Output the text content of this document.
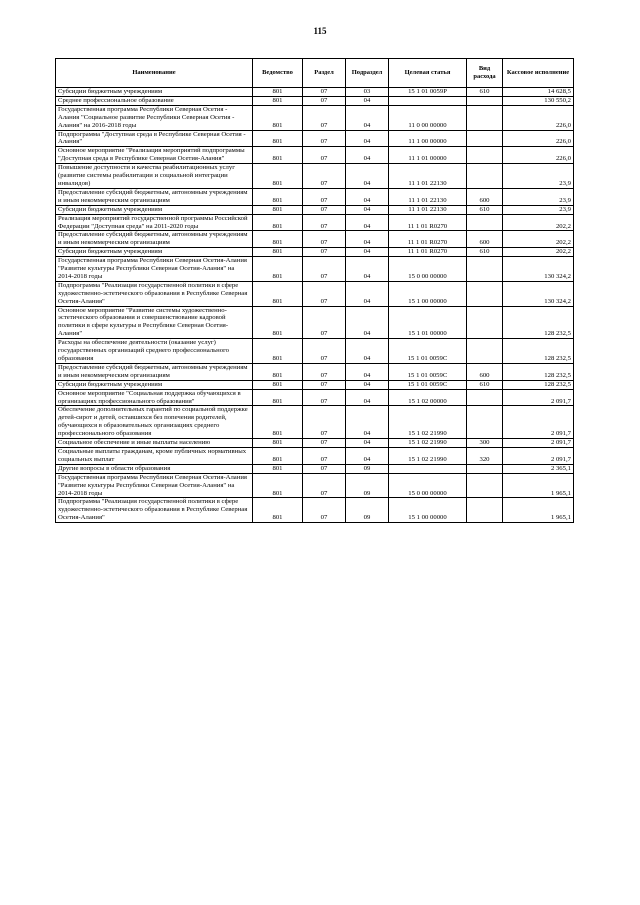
115
Наименование	Ведомство	Раздел	Подраздел	Целевая статья	Вид расхода	Кассовое исполнение
Субсидии бюджетным учреждениям	801	07	03	15 1 01 0059Р	610	14 628,5
Среднее профессиональное образование	801	07	04			130 550,2
Государственная программа Республики Северная Осетия - Алания "Социальное развитие Республики Северная Осетия - Алания" на 2016-2018 годы	801	07	04	11 0 00 00000		226,0
Подпрограмма "Доступная среда в Республике Северная Осетия - Алания"	801	07	04	11 1 00 00000		226,0
Основное мероприятие "Реализация мероприятий подпрограммы "Доступная среда в Республике Северная Осетия-Алания"	801	07	04	11 1 01 00000		226,0
Повышение доступности и качества реабилитационных услуг (развитие системы реабилитации и социальной интеграции инвалидов)	801	07	04	11 1 01 22130		23,9
Предоставление субсидий бюджетным, автономным учреждениям и иным некоммерческим организациям	801	07	04	11 1 01 22130	600	23,9
Субсидии бюджетным учреждениям	801	07	04	11 1 01 22130	610	23,9
Реализация мероприятий государственной программы Российской Федерации "Доступная среда" на 2011-2020 годы	801	07	04	11 1 01 R0270		202,2
Предоставление субсидий бюджетным, автономным учреждениям и иным некоммерческим организациям	801	07	04	11 1 01 R0270	600	202,2
Субсидии бюджетным учреждениям	801	07	04	11 1 01 R0270	610	202,2
Государственная программа Республики Северная Осетия-Алания "Развитие культуры Республики Северная Осетия-Алания" на 2014-2018 годы	801	07	04	15 0 00 00000		130 324,2
Подпрограмма "Реализация государственной политики в сфере художественно-эстетического образования в Республике Северная Осетия-Алания"	801	07	04	15 1 00 00000		130 324,2
Основное мероприятие "Развитие системы художественно-эстетического образования и совершенствование кадровой политики в сфере культуры в Республике Северная Осетия-Алания"	801	07	04	15 1 01 00000		128 232,5
Расходы на обеспечение деятельности (оказание услуг) государственных организаций среднего профессионального образования	801	07	04	15 1 01 0059С		128 232,5
Предоставление субсидий бюджетным, автономным учреждениям и иным некоммерческим организациям	801	07	04	15 1 01 0059С	600	128 232,5
Субсидии бюджетным учреждениям	801	07	04	15 1 01 0059С	610	128 232,5
Основное мероприятие "Социальная поддержка обучающихся в организациях профессионального образования"	801	07	04	15 1 02 00000		2 091,7
Обеспечение дополнительных гарантий по социальной поддержке детей-сирот и детей, оставшихся без попечения родителей, обучающихся в образовательных организациях среднего профессионального образования	801	07	04	15 1 02 21990		2 091,7
Социальное обеспечение и иные выплаты населению	801	07	04	15 1 02 21990	300	2 091,7
Социальные выплаты гражданам, кроме публичных нормативных социальных выплат	801	07	04	15 1 02 21990	320	2 091,7
Другие вопросы в области образования	801	07	09			2 365,1
Государственная программа Республики Северная Осетия-Алания "Развитие культуры Республики Северная Осетия-Алания" на 2014-2018 годы	801	07	09	15 0 00 00000		1 965,1
Подпрограмма "Реализация государственной политики в сфере художественно-эстетического образования в Республике Северная Осетия-Алания"	801	07	09	15 1 00 00000		1 965,1
